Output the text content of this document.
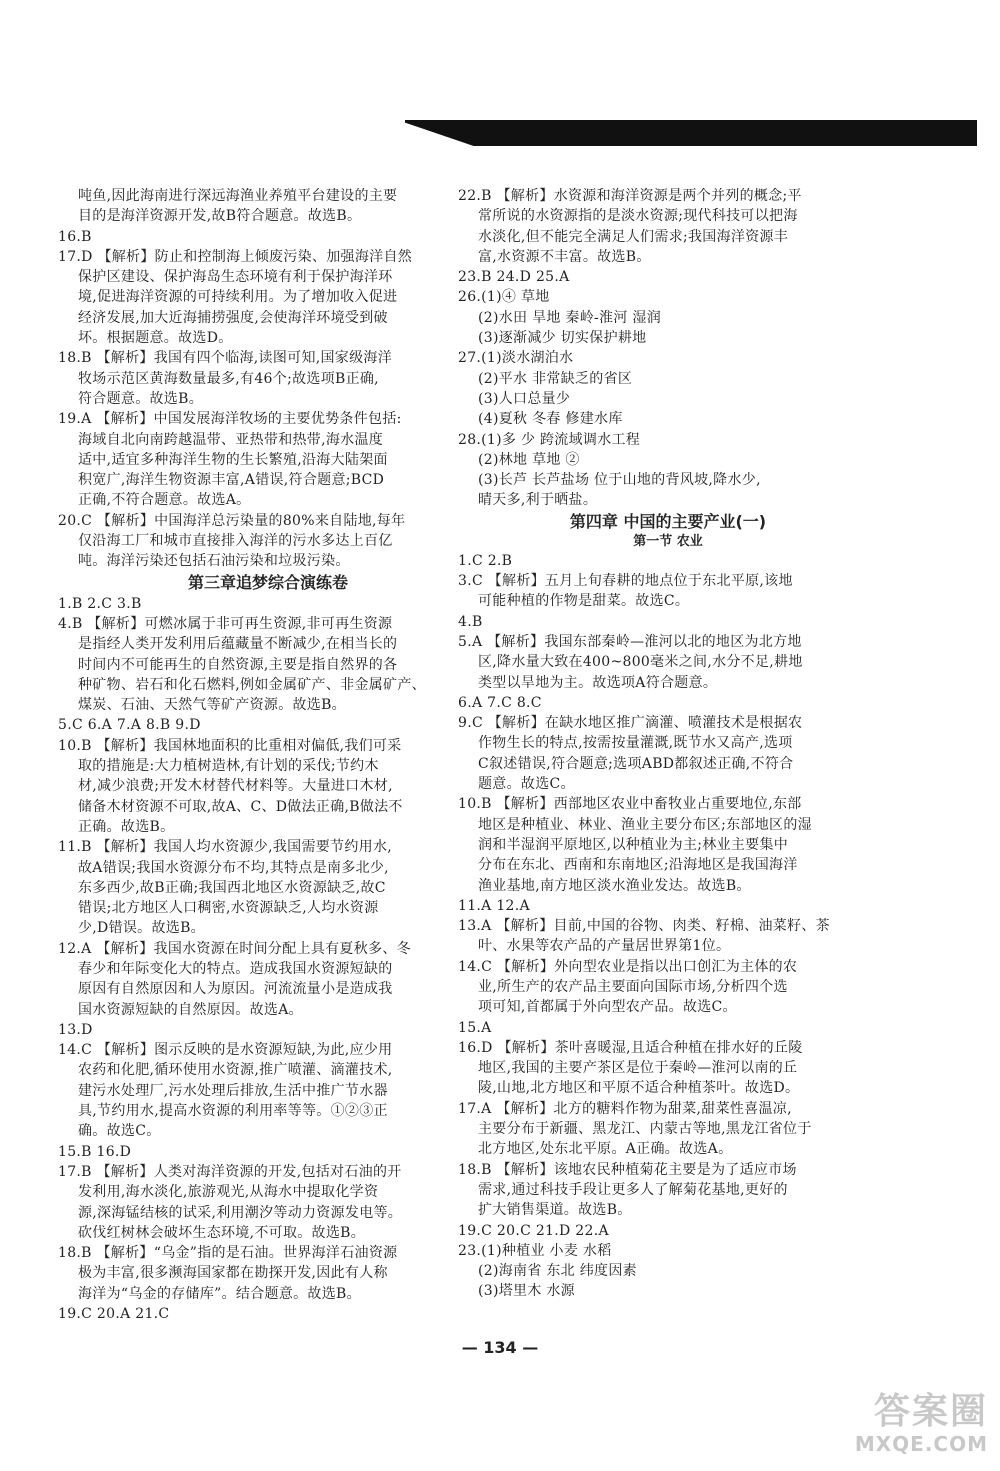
吨鱼,因此海南进行深远海渔业养殖平台建设的主要
目的是海洋资源开发,故B符合题意。故选B。
16.B
17.D 【解析】防止和控制海上倾废污染、加强海洋自然
保护区建设、保护海岛生态环境有利于保护海洋环
境,促进海洋资源的可持续利用。为了增加收入促进
经济发展,加大近海捕捞强度,会使海洋环境受到破
坏。根据题意。故选D。
18.B 【解析】我国有四个临海,读图可知,国家级海洋
牧场示范区黄海数量最多,有46个;故选项B正确,
符合题意。故选B。
19.A 【解析】中国发展海洋牧场的主要优势条件包括:
海域自北向南跨越温带、亚热带和热带,海水温度
适中,适宜多种海洋生物的生长繁殖,沿海大陆架面
积宽广,海洋生物资源丰富,A错误,符合题意;BCD
正确,不符合题意。故选A。
20.C 【解析】中国海洋总污染量的80%来自陆地,每年
仅沿海工厂和城市直接排入海洋的污水多达上百亿
吨。海洋污染还包括石油污染和垃圾污染。
第三章追梦综合演练卷
1.B 2.C 3.B
4.B 【解析】可燃冰属于非可再生资源,非可再生资源
是指经人类开发利用后蕴藏量不断减少,在相当长的
时间内不可能再生的自然资源,主要是指自然界的各
种矿物、岩石和化石燃料,例如金属矿产、非金属矿产、
煤炭、石油、天然气等矿产资源。故选B。
5.C 6.A 7.A 8.B 9.D
10.B 【解析】我国林地面积的比重相对偏低,我们可采
取的措施是:大力植树造林,有计划的采伐;节约木
材,减少浪费;开发木材替代材料等。大量进口木材,
储备木材资源不可取,故A、C、D做法正确,B做法不
正确。故选B。
11.B 【解析】我国人均水资源少,我国需要节约用水,
故A错误;我国水资源分布不均,其特点是南多北少,
东多西少,故B正确;我国西北地区水资源缺乏,故C
错误;北方地区人口稠密,水资源缺乏,人均水资源
少,D错误。故选B。
12.A 【解析】我国水资源在时间分配上具有夏秋多、冬
春少和年际变化大的特点。造成我国水资源短缺的
原因有自然原因和人为原因。河流流量小是造成我
国水资源短缺的自然原因。故选A。
13.D
14.C 【解析】图示反映的是水资源短缺,为此,应少用
农药和化肥,循环使用水资源,推广喷灌、滴灌技术,
建污水处理厂,污水处理后排放,生活中推广节水器
具,节约用水,提高水资源的利用率等等。①②③正
确。故选C。
15.B 16.D
17.B 【解析】人类对海洋资源的开发,包括对石油的开
发利用,海水淡化,旅游观光,从海水中提取化学资
源,深海锰结核的试采,利用潮汐等动力资源发电等。
砍伐红树林会破坏生态环境,不可取。故选B。
18.B 【解析】“乌金”指的是石油。世界海洋石油资源
极为丰富,很多濒海国家都在勘探开发,因此有人称
海洋为“乌金的存储库”。结合题意。故选B。
19.C 20.A 21.C
22.B 【解析】水资源和海洋资源是两个并列的概念;平
常所说的水资源指的是淡水资源;现代科技可以把海
水淡化,但不能完全满足人们需求;我国海洋资源丰
富,水资源不丰富。故选B。
23.B 24.D 25.A
26.(1)④ 草地
(2)水田 旱地 秦岭-淮河 湿润
(3)逐渐减少 切实保护耕地
27.(1)淡水湖泊水
(2)平水 非常缺乏的省区
(3)人口总量少
(4)夏秋 冬春 修建水库
28.(1)多 少 跨流域调水工程
(2)林地 草地 ②
(3)长芦 长芦盐场 位于山地的背风坡,降水少,
晴天多,利于晒盐。
第四章 中国的主要产业(一)
第一节 农业
1.C 2.B
3.C 【解析】五月上旬春耕的地点位于东北平原,该地
可能种植的作物是甜菜。故选C。
4.B
5.A 【解析】我国东部秦岭—淮河以北的地区为北方地
区,降水量大致在400~800毫米之间,水分不足,耕地
类型以旱地为主。故选项A符合题意。
6.A 7.C 8.C
9.C 【解析】在缺水地区推广滴灌、喷灌技术是根据农
作物生长的特点,按需按量灌溉,既节水又高产,选项
C叙述错误,符合题意;选项ABD都叙述正确,不符合
题意。故选C。
10.B 【解析】西部地区农业中畜牧业占重要地位,东部
地区是种植业、林业、渔业主要分布区;东部地区的湿
润和半湿润平原地区,以种植业为主;林业主要集中
分布在东北、西南和东南地区;沿海地区是我国海洋
渔业基地,南方地区淡水渔业发达。故选B。
11.A 12.A
13.A 【解析】目前,中国的谷物、肉类、籽棉、油菜籽、茶
叶、水果等农产品的产量居世界第1位。
14.C 【解析】外向型农业是指以出口创汇为主体的农
业,所生产的农产品主要面向国际市场,分析四个选
项可知,首都属于外向型农产品。故选C。
15.A
16.D 【解析】茶叶喜暖湿,且适合种植在排水好的丘陵
地区,我国的主要产茶区是位于秦岭—淮河以南的丘
陵,山地,北方地区和平原不适合种植茶叶。故选D。
17.A 【解析】北方的糖料作物为甜菜,甜菜性喜温凉,
主要分布于新疆、黑龙江、内蒙古等地,黑龙江省位于
北方地区,处东北平原。A正确。故选A。
18.B 【解析】该地农民种植菊花主要是为了适应市场
需求,通过科技手段让更多人了解菊花基地,更好的
扩大销售渠道。故选B。
19.C 20.C 21.D 22.A
23.(1)种植业 小麦 水稻
(2)海南省 东北 纬度因素
(3)塔里木 水源
— 134 —
答案圈
MXQE.COM
